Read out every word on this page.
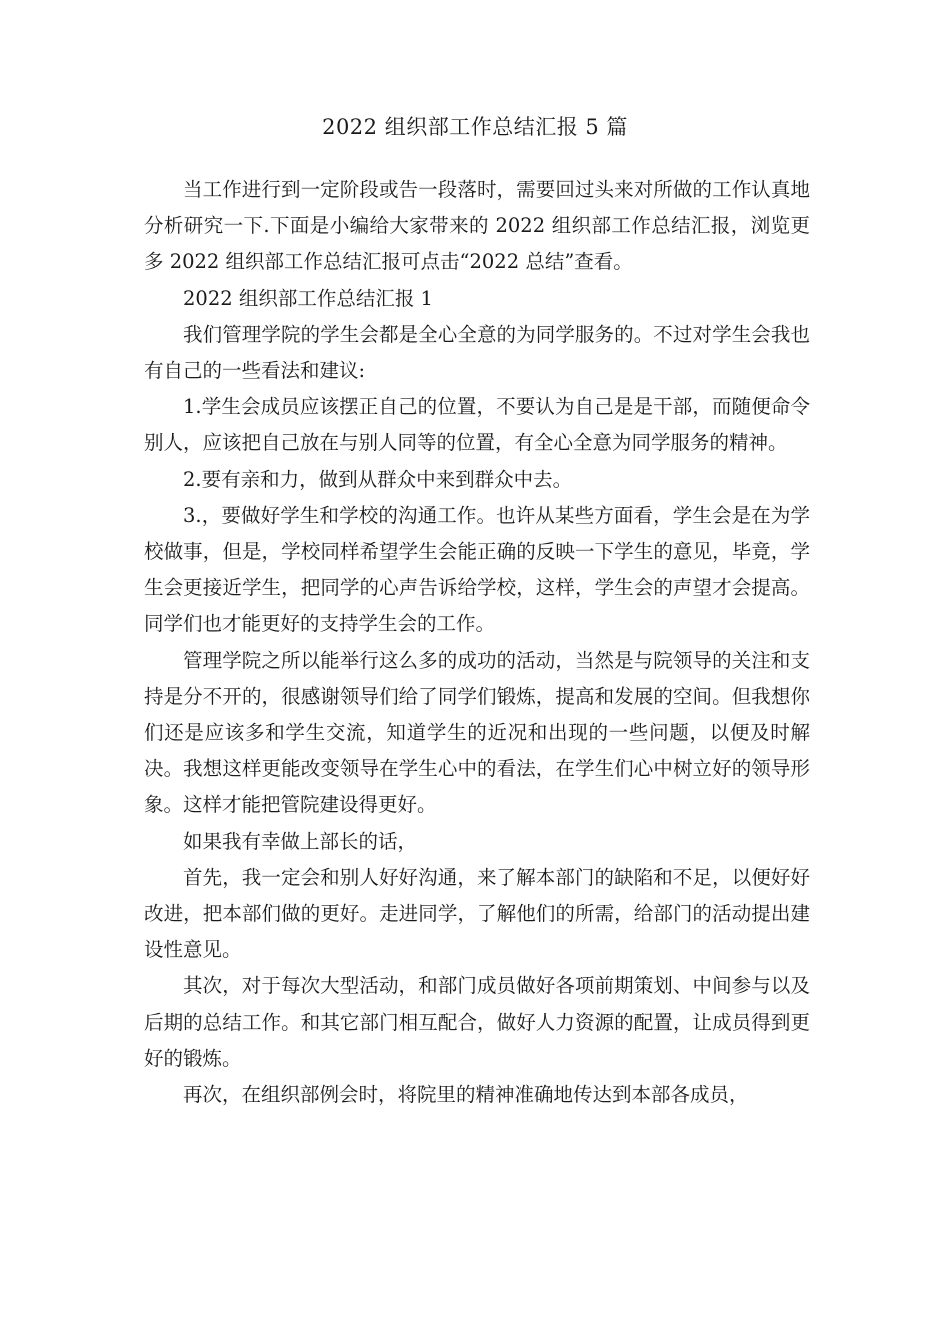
2022 组织部工作总结汇报 5 篇

当工作进行到一定阶段或告一段落时，需要回过头来对所做的工作认真地分析研究一下.下面是小编给大家带来的 2022 组织部工作总结汇报，浏览更多 2022 组织部工作总结汇报可点击“2022 总结”查看。

2022 组织部工作总结汇报 1

我们管理学院的学生会都是全心全意的为同学服务的。不过对学生会我也有自己的一些看法和建议:

1.学生会成员应该摆正自己的位置，不要认为自己是是干部，而随便命令别人，应该把自己放在与别人同等的位置，有全心全意为同学服务的精神。

2.要有亲和力，做到从群众中来到群众中去。

3.，要做好学生和学校的沟通工作。也许从某些方面看，学生会是在为学校做事，但是，学校同样希望学生会能正确的反映一下学生的意见，毕竟，学生会更接近学生，把同学的心声告诉给学校，这样，学生会的声望才会提高。同学们也才能更好的支持学生会的工作。

管理学院之所以能举行这么多的成功的活动，当然是与院领导的关注和支持是分不开的，很感谢领导们给了同学们锻炼，提高和发展的空间。但我想你们还是应该多和学生交流，知道学生的近况和出现的一些问题，以便及时解决。我想这样更能改变领导在学生心中的看法，在学生们心中树立好的领导形象。这样才能把管院建设得更好。

如果我有幸做上部长的话，

首先，我一定会和别人好好沟通，来了解本部门的缺陷和不足，以便好好改进，把本部们做的更好。走进同学，了解他们的所需，给部门的活动提出建设性意见。

其次，对于每次大型活动，和部门成员做好各项前期策划、中间参与以及后期的总结工作。和其它部门相互配合，做好人力资源的配置，让成员得到更好的锻炼。

再次，在组织部例会时，将院里的精神准确地传达到本部各成员，
